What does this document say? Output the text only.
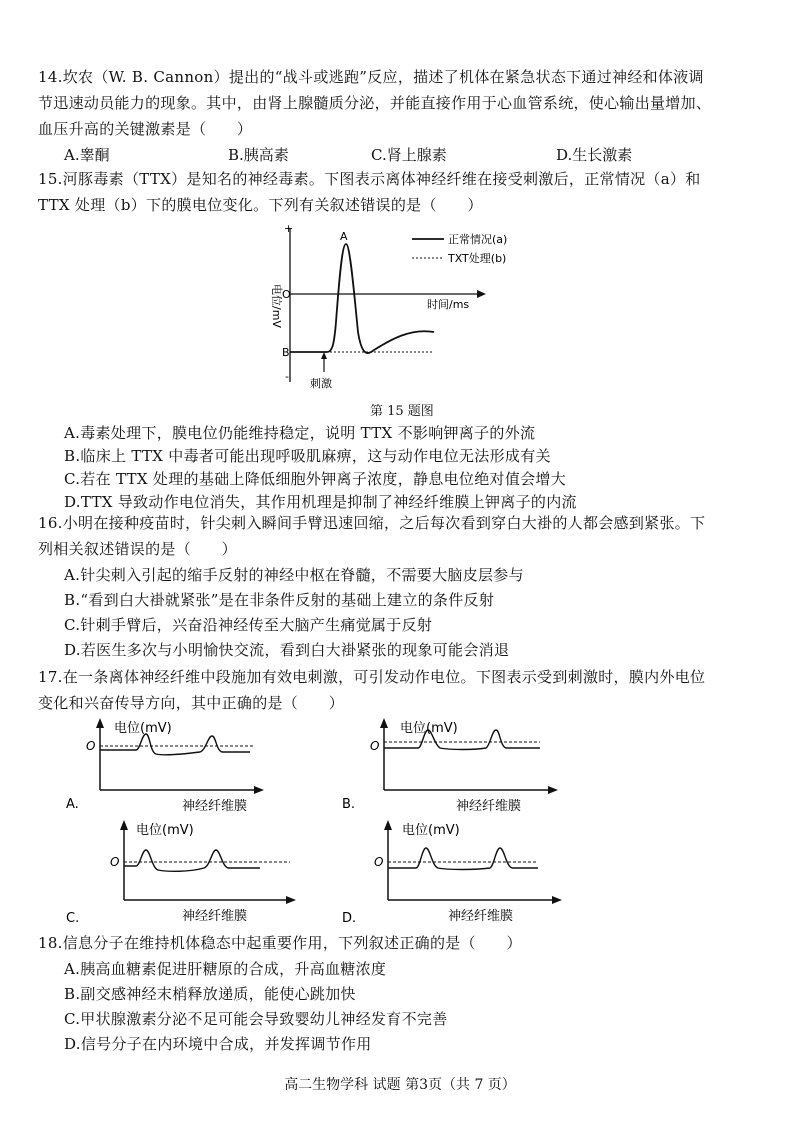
14.坎农（W. B. Cannon）提出的“战斗或逃跑”反应，描述了机体在紧急状态下通过神经和体液调
节迅速动员能力的现象。其中，由肾上腺髓质分泌，并能直接作用于心血管系统，使心输出量增加、
血压升高的关键激素是（　　）
A.睾酮	B.胰高素	C.肾上腺素	D.生长激素
15.河豚毒素（TTX）是知名的神经毒素。下图表示离体神经纤维在接受刺激后，正常情况（a）和
TTX 处理（b）下的膜电位变化。下列有关叙述错误的是（　　）
+
O
B
-
A
刺激
时间/ms
电位/mV
正常情况(a)
TXT处理(b)
第 15 题图
A.毒素处理下，膜电位仍能维持稳定，说明 TTX 不影响钾离子的外流
B.临床上 TTX 中毒者可能出现呼吸肌麻痹，这与动作电位无法形成有关
C.若在 TTX 处理的基础上降低细胞外钾离子浓度，静息电位绝对值会增大
D.TTX 导致动作电位消失，其作用机理是抑制了神经纤维膜上钾离子的内流
16.小明在接种疫苗时，针尖刺入瞬间手臂迅速回缩，之后每次看到穿白大褂的人都会感到紧张。下
列相关叙述错误的是（　　）
A.针尖刺入引起的缩手反射的神经中枢在脊髓，不需要大脑皮层参与
B.“看到白大褂就紧张”是在非条件反射的基础上建立的条件反射
C.针刺手臂后，兴奋沿神经传至大脑产生痛觉属于反射
D.若医生多次与小明愉快交流，看到白大褂紧张的现象可能会消退
17.在一条离体神经纤维中段施加有效电刺激，可引发动作电位。下图表示受到刺激时，膜内外电位
变化和兴奋传导方向，其中正确的是（　　）
电位(mV)
O
神经纤维膜
A.
电位(mV)
O
神经纤维膜
B.
电位(mV)
O
神经纤维膜
C.
电位(mV)
O
神经纤维膜
D.
18.信息分子在维持机体稳态中起重要作用，下列叙述正确的是（　　）
A.胰高血糖素促进肝糖原的合成，升高血糖浓度
B.副交感神经末梢释放递质，能使心跳加快
C.甲状腺激素分泌不足可能会导致婴幼儿神经发育不完善
D.信号分子在内环境中合成，并发挥调节作用
高二生物学科 试题 第3页（共 7 页）
